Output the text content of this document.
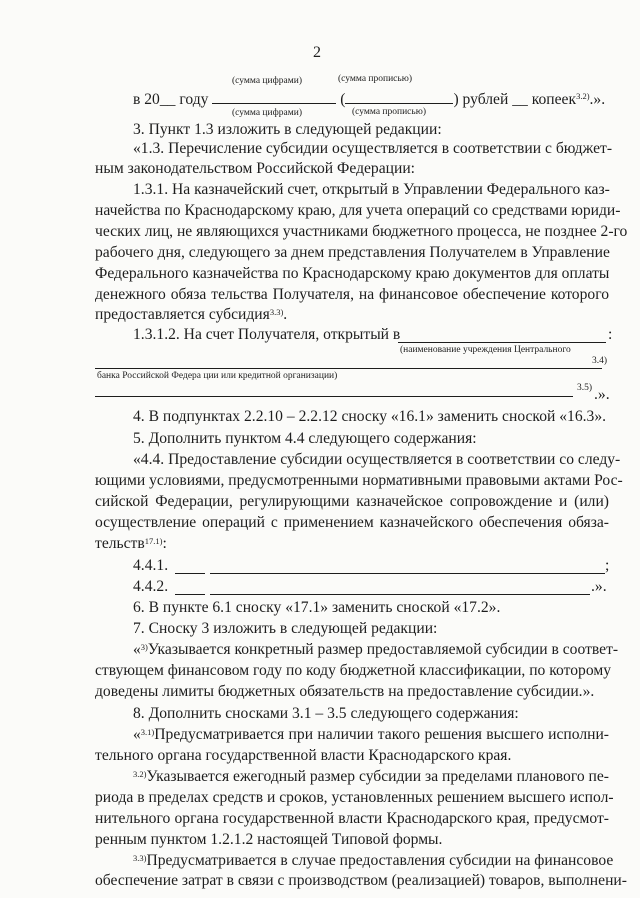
2
(сумма цифрами)	(сумма прописью)
в 20__ году	(	) рублей __ копеек$^{3.2)}$.».
(сумма цифрами)	(сумма прописью)
3. Пункт 1.3 изложить в следующей редакции:
«1.3. Перечисление субсидии осуществляется в соответствии с бюджет-
ным законодательством Российской Федерации:
1.3.1. На казначейский счет, открытый в Управлении Федерального каз-
начейства по Краснодарскому краю, для учета операций со средствами юриди-
ческих лиц, не являющихся участниками бюджетного процесса, не позднее 2-го
рабочего дня, следующего за днем представления Получателем в Управление
Федерального казначейства по Краснодарскому краю документов для оплаты
денежного обяза тельства Получателя, на финансовое обеспечение которого
предоставляется субсидия$^{3.3)}$.
1.3.1.2. На счет Получателя, открытый в	:
(наименование учреждения Центрального
3.4)
банка Российской Федера ции или кредитной организации)
3.5) .».
4. В подпунктах 2.2.10 – 2.2.12 сноску «16.1» заменить сноской «16.3».
5. Дополнить пунктом 4.4 следующего содержания:
«4.4. Предоставление субсидии осуществляется в соответствии со следу-
ющими условиями, предусмотренными нормативными правовыми актами Рос-
сийской Федерации, регулирующими казначейское сопровождение и (или)
осуществление операций с применением казначейского обеспечения обяза-
тельств$^{17.1)}$:
4.4.1.	;
4.4.2.	.».
6. В пункте 6.1 сноску «17.1» заменить сноской «17.2».
7. Сноску 3 изложить в следующей редакции:
«$^{3)}$Указывается конкретный размер предоставляемой субсидии в соответ-
ствующем финансовом году по коду бюджетной классификации, по которому
доведены лимиты бюджетных обязательств на предоставление субсидии.».
8. Дополнить сносками 3.1 – 3.5 следующего содержания:
«$^{3.1)}$Предусматривается при наличии такого решения высшего исполни-
тельного органа государственной власти Краснодарского края.
$^{3.2)}$Указывается ежегодный размер субсидии за пределами планового пе-
риода в пределах средств и сроков, установленных решением высшего испол-
нительного органа государственной власти Краснодарского края, предусмот-
ренным пунктом 1.2.1.2 настоящей Типовой формы.
$^{3.3)}$Предусматривается в случае предоставления субсидии на финансовое
обеспечение затрат в связи с производством (реализацией) товаров, выполнени-
